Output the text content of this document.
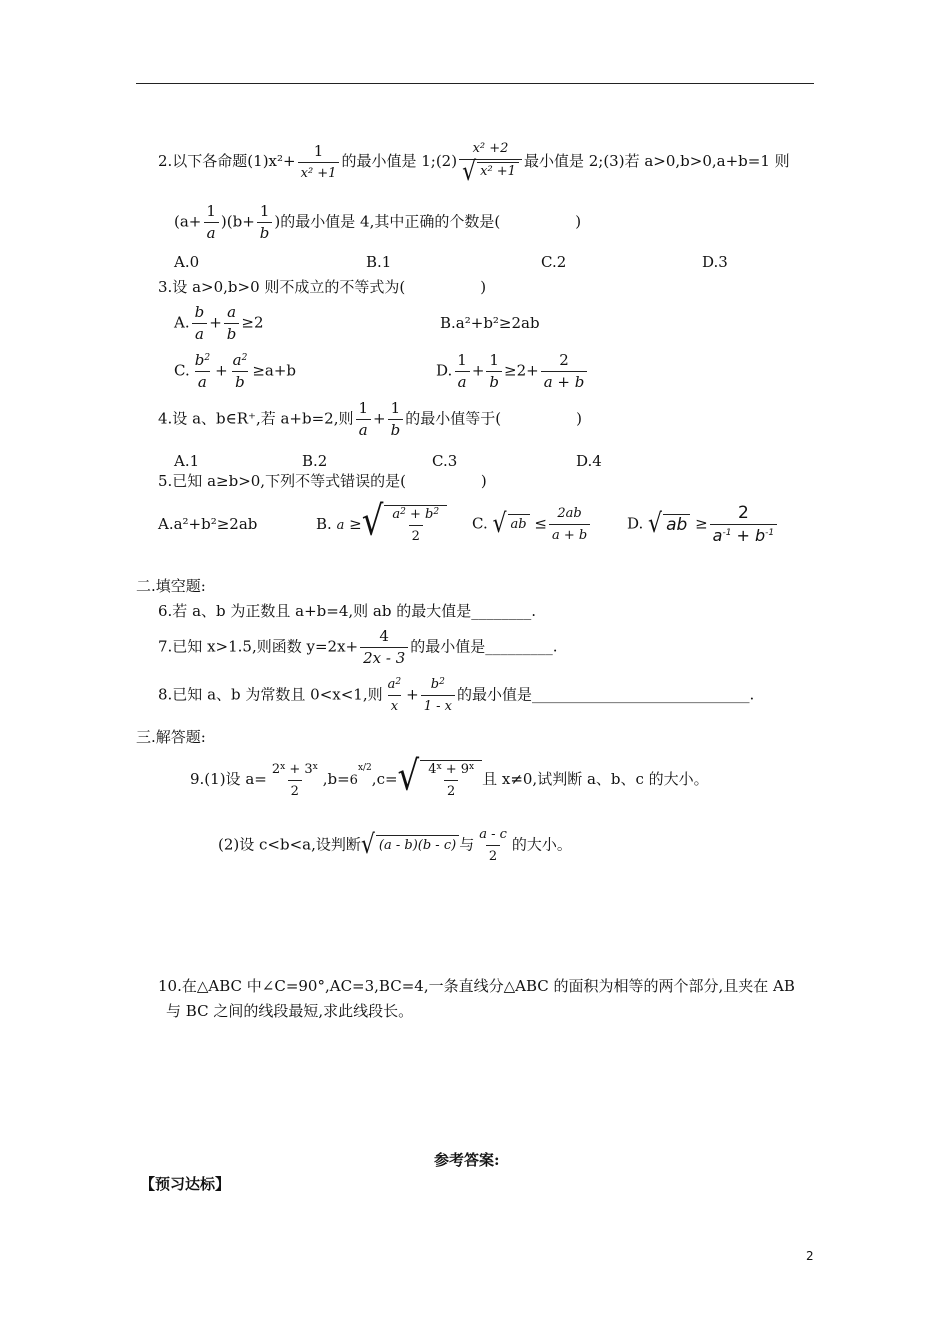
2.以下各命题$(1)x^2+ \frac{1}{\text{x² +1}}$ 的最小值是 1;(2) $\frac{\text{x² +2}}{\text{√ x² +1}}$ 最小值是 2;(3)若 a>0,b>0,a+b=1 则
$(a+ \frac{1}{a} )(b+ \frac{1}{b}$ )的最小值是 4,其中正确的个数是(　　　　　)
A.0	B.1	C.2	D.3
3.设 a>0,b>0 则不成立的不等式为(　　　　　)
A. $\frac{b}{a} + \frac{a}{b} \ge 2$	B.a²+b²≥2ab
C. $\frac{b^2}{a} + \frac{a^2}{b} \ge a+b$	D. $\frac{1}{a} + \frac{1}{b} \ge 2+ \frac{2}{a + b}$
4.设 a、b∈R⁺,若 a+b=2,则 $\frac{1}{a} + \frac{1}{b}$ 的最小值等于(　　　　　)
A.1	B.2	C.3	D.4
5.已知 a≥b>0,下列不等式错误的是(　　　　　)
A.a²+b²≥2ab	B. a ≥ √ $\frac{a^2 + b^2}{2} C$. √ ab ≤ $\frac{2ab}{a + b} D$. √ ab ≥ $\frac{2}{a^{-1} + b^{-1}}$
二.填空题:
6.若 a、b 为正数且 a+b=4,则 ab 的最大值是________.
7.已知 x>1.5,则函数 $y=2x+ \frac{4}{2x - 3}$ 的最小值是_________.
8.已知 a、b 为常数且 0<x<1,则 $\frac{a^2}{x} + \frac{b^2}{1 - x}$ 的最小值是_____________________________.
三.解答题:
9.(1)设 $a= \frac{2^x + 3^x}{2} ,b=6^{x/2},c=$ √ $\frac{4^x + 9^x}{2}$ 且 x≠0,试判断 a、b、c 的大小。
(2)设 c<b<a,设判断 √ (a - b)(b - c) 与 $\frac{a - c}{2}$ 的大小。
10.在△ABC 中∠C=90°,AC=3,BC=4,一条直线分△ABC 的面积为相等的两个部分,且夹在 AB
与 BC 之间的线段最短,求此线段长。
参考答案:
【预习达标】
2
